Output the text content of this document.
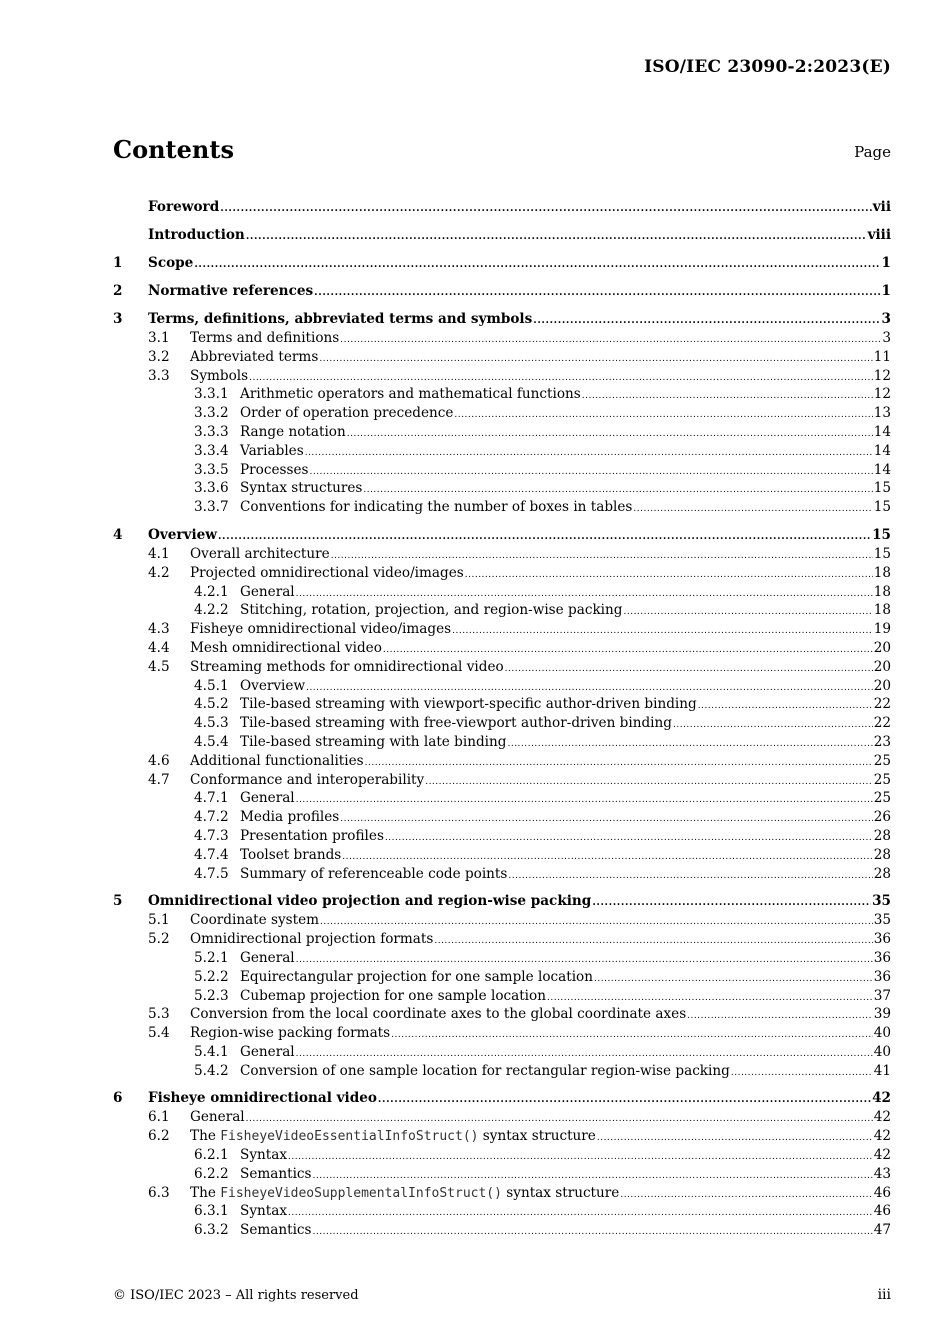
ISO/IEC 23090-2:2023(E)
Contents	Page
Foreword .....	vii
Introduction .....	viii
1	Scope .....	1
2	Normative references .....	1
3	Terms, definitions, abbreviated terms and symbols .....	3
3.1	Terms and definitions .....	3
3.2	Abbreviated terms .....	11
3.3	Symbols .....	12
3.3.1 Arithmetic operators and mathematical functions .....	12
3.3.2 Order of operation precedence .....	13
3.3.3 Range notation .....	14
3.3.4 Variables .....	14
3.3.5 Processes .....	14
3.3.6 Syntax structures .....	15
3.3.7 Conventions for indicating the number of boxes in tables .....	15
4	Overview .....	15
4.1	Overall architecture .....	15
4.2	Projected omnidirectional video/images .....	18
4.2.1 General .....	18
4.2.2 Stitching, rotation, projection, and region-wise packing .....	18
4.3	Fisheye omnidirectional video/images .....	19
4.4	Mesh omnidirectional video .....	20
4.5	Streaming methods for omnidirectional video .....	20
4.5.1 Overview .....	20
4.5.2 Tile-based streaming with viewport-specific author-driven binding .....	22
4.5.3 Tile-based streaming with free-viewport author-driven binding .....	22
4.5.4 Tile-based streaming with late binding .....	23
4.6	Additional functionalities .....	25
4.7	Conformance and interoperability .....	25
4.7.1 General .....	25
4.7.2 Media profiles .....	26
4.7.3 Presentation profiles .....	28
4.7.4 Toolset brands .....	28
4.7.5 Summary of referenceable code points .....	28
5	Omnidirectional video projection and region-wise packing .....	35
5.1	Coordinate system .....	35
5.2	Omnidirectional projection formats .....	36
5.2.1 General .....	36
5.2.2 Equirectangular projection for one sample location .....	36
5.2.3 Cubemap projection for one sample location .....	37
5.3	Conversion from the local coordinate axes to the global coordinate axes .....	39
5.4	Region-wise packing formats .....	40
5.4.1 General .....	40
5.4.2 Conversion of one sample location for rectangular region-wise packing .....	41
6	Fisheye omnidirectional video .....	42
6.1	General .....	42
6.2	The FisheyeVideoEssentialInfoStruct() syntax structure .....	42
6.2.1 Syntax .....	42
6.2.2 Semantics .....	43
6.3	The FisheyeVideoSupplementalInfoStruct() syntax structure .....	46
6.3.1 Syntax .....	46
6.3.2 Semantics .....	47
© ISO/IEC 2023 – All rights reserved	iii
